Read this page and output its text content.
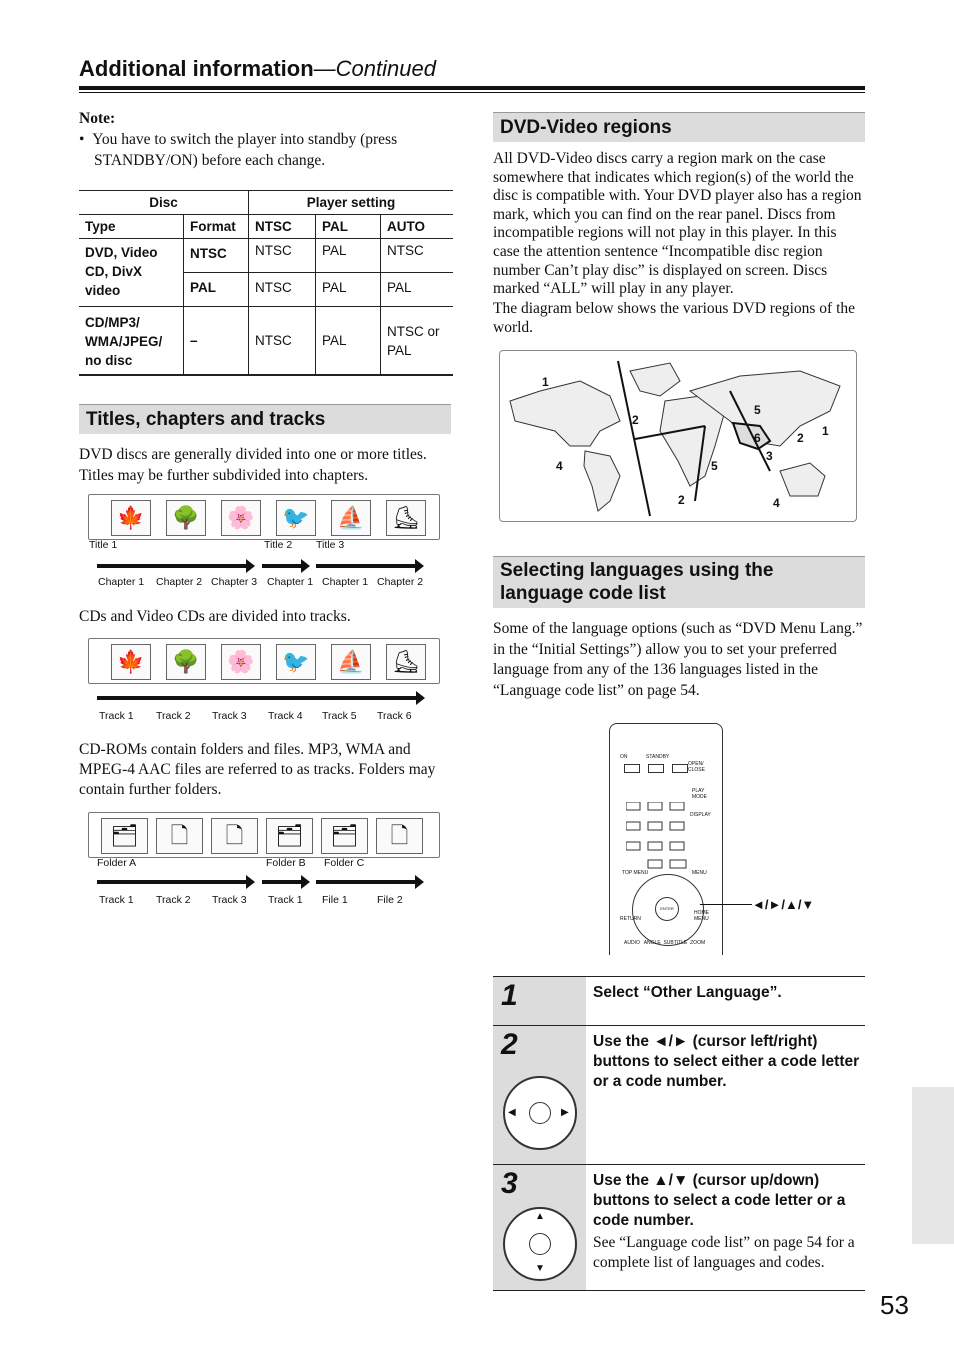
Additional information—Continued
Note:
•  You have to switch the player into standby (press STANDBY/ON) before each change.
Disc		Player setting		
Type	Format	NTSC	PAL	AUTO
DVD, Video CD, DivX video	NTSC	NTSC	PAL	NTSC
	PAL	NTSC	PAL	PAL
CD/MP3/ WMA/JPEG/ no disc	–	NTSC	PAL	NTSC or PAL
Titles, chapters and tracks
DVD discs are generally divided into one or more titles. Titles may be further subdivided into chapters.
🍁 🌳 🌸 🐦 ⛵ ⛸
Title 1	Title 2 Title 3
Chapter 1 Chapter 2 Chapter 3 Chapter 1 Chapter 1 Chapter 2
CDs and Video CDs are divided into tracks.
🍁 🌳 🌸 🐦 ⛵ ⛸
Track 1 Track 2 Track 3 Track 4 Track 5 Track 6
CD-ROMs contain folders and files. MP3, WMA and MPEG-4 AAC files are referred to as tracks. Folders may contain further folders.
🗂	🗋	🗋	🗂	🗂	🗋
Folder A	Folder B Folder C
Track 1 Track 2 Track 3 Track 1 File 1	File 2
DVD-Video regions
All DVD-Video discs carry a region mark on the case somewhere that indicates which region(s) of the world the disc is compatible with. Your DVD player also has a region mark, which you can find on the rear panel. Discs from incompatible regions will not play in this player. In this case the attention sentence “Incompatible disc region number Can’t play disc” is displayed on screen. Discs marked “ALL” will play in any player.
The diagram below shows the various DVD regions of the world.
1
2
4
5
6	2 1
3
5
2	4
Selecting languages using the language code list
Some of the language options (such as “DVD Menu Lang.” in the “Initial Settings”) allow you to set your preferred language from any of the 136 languages listed in the “Language code list” on page 54.
ON	STANDBY
OPEN/ CLOSE
PLAY MODE
DISPLAY
TOP MENU	MENU
ENTER
RETURN
HOME MENU
AUDIO   ANGLE  SUBTITLE  ZOOM
◄/►/▲/▼
1	Select “Other Language”.
2
◀	▶
Use the ◄/► (cursor left/right) buttons to select either a code letter or a code number.
3
▲
▼
Use the ▲/▼ (cursor up/down) buttons to select a code letter or a code number.
See “Language code list” on page 54 for a complete list of languages and codes.
53
